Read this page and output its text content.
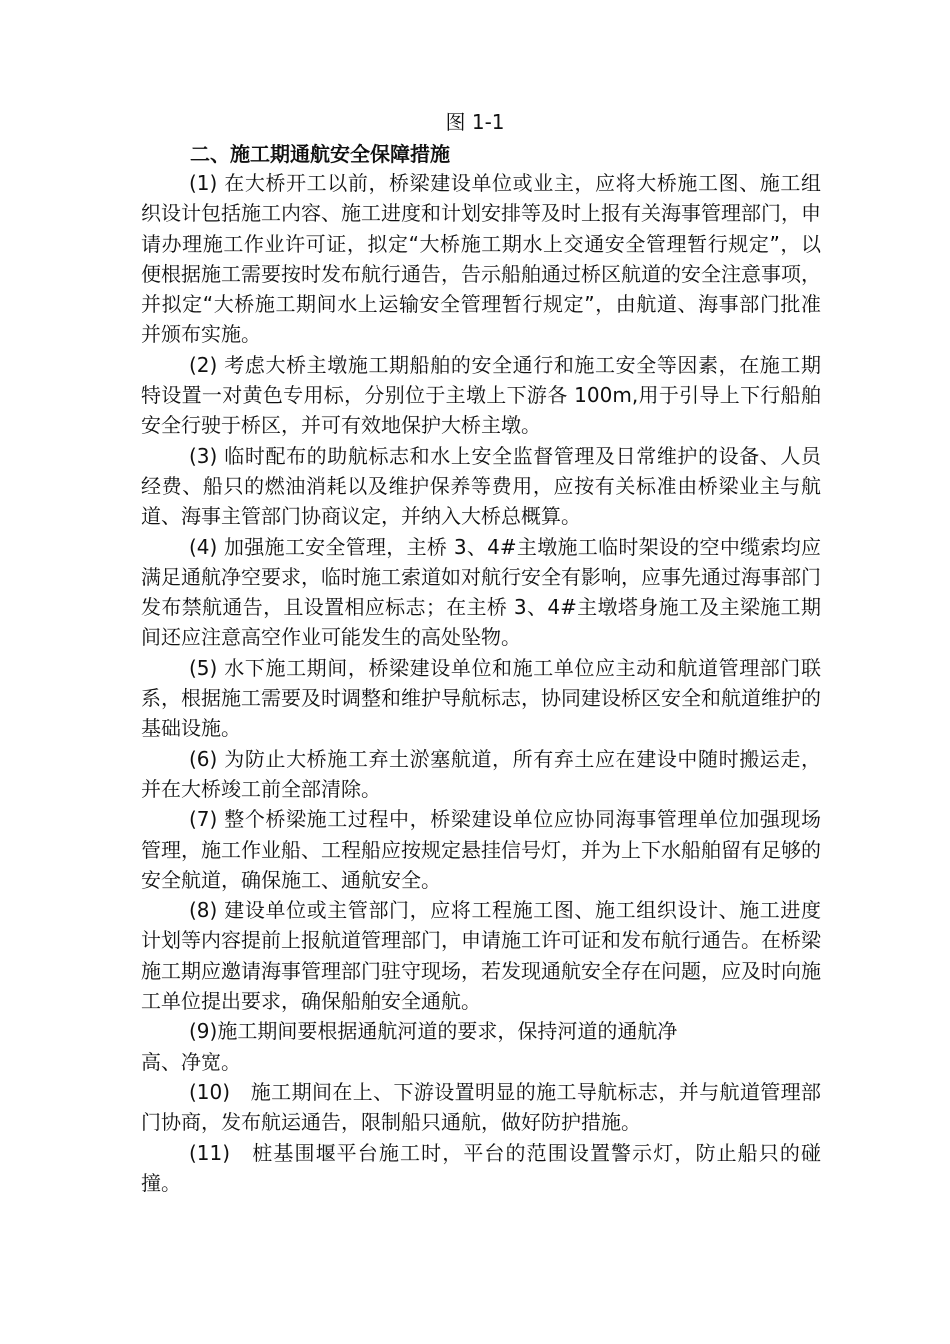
图 1-1
二、施工期通航安全保障措施

(1) 在大桥开工以前，桥梁建设单位或业主，应将大桥施工图、施工组织设计包括施工内容、施工进度和计划安排等及时上报有关海事管理部门，申请办理施工作业许可证，拟定“大桥施工期水上交通安全管理暂行规定”，以便根据施工需要按时发布航行通告，告示船舶通过桥区航道的安全注意事项，并拟定“大桥施工期间水上运输安全管理暂行规定”，由航道、海事部门批准并颁布实施。

(2) 考虑大桥主墩施工期船舶的安全通行和施工安全等因素，在施工期特设置一对黄色专用标，分别位于主墩上下游各 100m,用于引导上下行船舶安全行驶于桥区，并可有效地保护大桥主墩。

(3) 临时配布的助航标志和水上安全监督管理及日常维护的设备、人员经费、船只的燃油消耗以及维护保养等费用，应按有关标准由桥梁业主与航道、海事主管部门协商议定，并纳入大桥总概算。

(4) 加强施工安全管理，主桥 3、4#主墩施工临时架设的空中缆索均应满足通航净空要求，临时施工索道如对航行安全有影响，应事先通过海事部门发布禁航通告，且设置相应标志；在主桥 3、4#主墩塔身施工及主梁施工期间还应注意高空作业可能发生的高处坠物。

(5) 水下施工期间，桥梁建设单位和施工单位应主动和航道管理部门联系，根据施工需要及时调整和维护导航标志，协同建设桥区安全和航道维护的基础设施。

(6) 为防止大桥施工弃土淤塞航道，所有弃土应在建设中随时搬运走，并在大桥竣工前全部清除。

(7) 整个桥梁施工过程中，桥梁建设单位应协同海事管理单位加强现场管理，施工作业船、工程船应按规定悬挂信号灯，并为上下水船舶留有足够的安全航道，确保施工、通航安全。

(8) 建设单位或主管部门，应将工程施工图、施工组织设计、施工进度计划等内容提前上报航道管理部门，申请施工许可证和发布航行通告。在桥梁施工期应邀请海事管理部门驻守现场，若发现通航安全存在问题，应及时向施工单位提出要求，确保船舶安全通航。

(9)施工期间要根据通航河道的要求，保持河道的通航净

高、净宽。

(10)　施工期间在上、下游设置明显的施工导航标志，并与航道管理部门协商，发布航运通告，限制船只通航，做好防护措施。

(11)　桩基围堰平台施工时，平台的范围设置警示灯，防止船只的碰撞。
